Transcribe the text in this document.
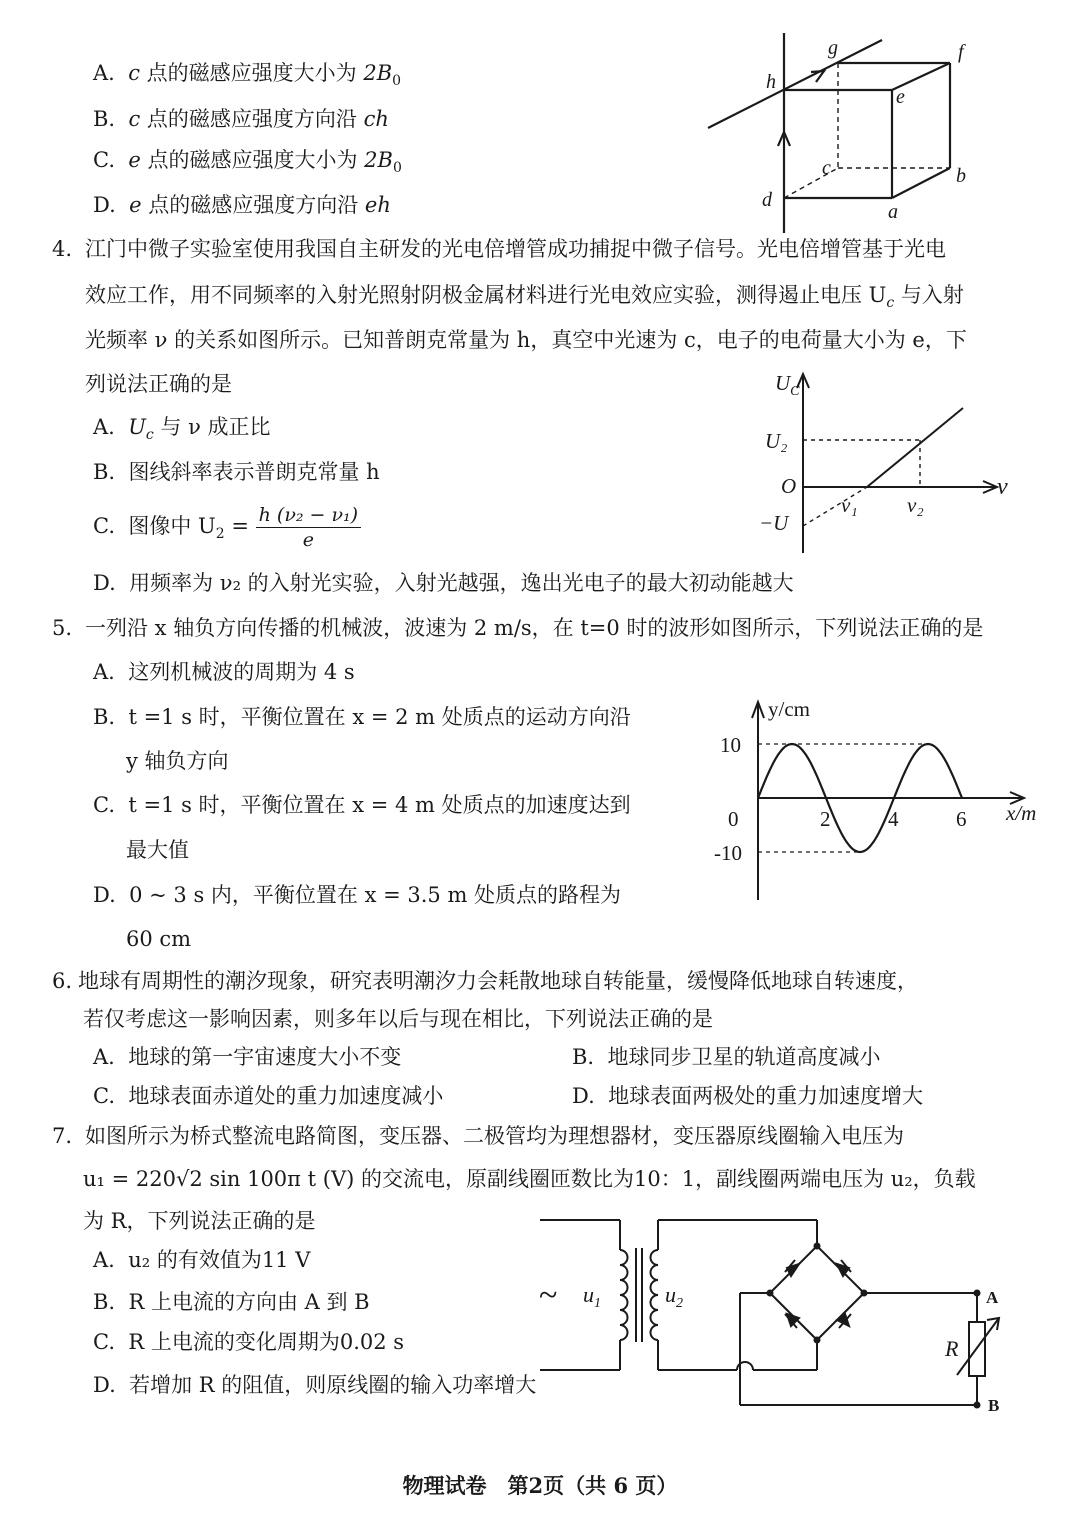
A. c 点的磁感应强度大小为 $2B_0$
B. c 点的磁感应强度方向沿 ch
C. e 点的磁感应强度大小为 $2B_0$
D. e 点的磁感应强度方向沿 eh
h
g	f
e
c	b
d
a
4. 江门中微子实验室使用我国自主研发的光电倍增管成功捕捉中微子信号。光电倍增管基于光电
效应工作，用不同频率的入射光照射阴极金属材料进行光电效应实验，测得遏止电压 $U_c$ 与入射
光频率 ν 的关系如图所示。已知普朗克常量为 h，真空中光速为 c，电子的电荷量大小为 e，下
列说法正确的是
A. $U_c$ 与 ν 成正比
B. 图线斜率表示普朗克常量 h
C. 图像中 $U_2 = \frac{\text{h (ν₂ − ν₁)}}{e}$
D. 用频率为 ν₂ 的入射光实验，入射光越强，逸出光电子的最大初动能越大
$U_C$
U₂
O
−U
ν₁ ν₂
ν
5. 一列沿 x 轴负方向传播的机械波，波速为 2 m/s，在 t=0 时的波形如图所示，下列说法正确的是
A. 这列机械波的周期为 4 s
B. t =1 s 时，平衡位置在 x = 2 m 处质点的运动方向沿
y 轴负方向
C. t =1 s 时，平衡位置在 x = 4 m 处质点的加速度达到
最大值
D. 0 ~ 3 s 内，平衡位置在 x = 3.5 m 处质点的路程为
60 cm
y/cm
x/m
0	2	4	6
10
-10
6. 地球有周期性的潮汐现象，研究表明潮汐力会耗散地球自转能量，缓慢降低地球自转速度，
若仅考虑这一影响因素，则多年以后与现在相比，下列说法正确的是
A. 地球的第一宇宙速度大小不变	B. 地球同步卫星的轨道高度减小
C. 地球表面赤道处的重力加速度减小	D. 地球表面两极处的重力加速度增大
7. 如图所示为桥式整流电路简图，变压器、二极管均为理想器材，变压器原线圈输入电压为
u₁ = 220√2 sin 100π t (V) 的交流电，原副线圈匝数比为10：1，副线圈两端电压为 u₂，负载
为 R，下列说法正确的是
A. u₂ 的有效值为11 V
B. R 上电流的方向由 A 到 B
C. R 上电流的变化周期为0.02 s
D. 若增加 R 的阻值，则原线圈的输入功率增大
~ $u_1$	$u_2$
R
A
B
物理试卷　第2页（共 6 页）
